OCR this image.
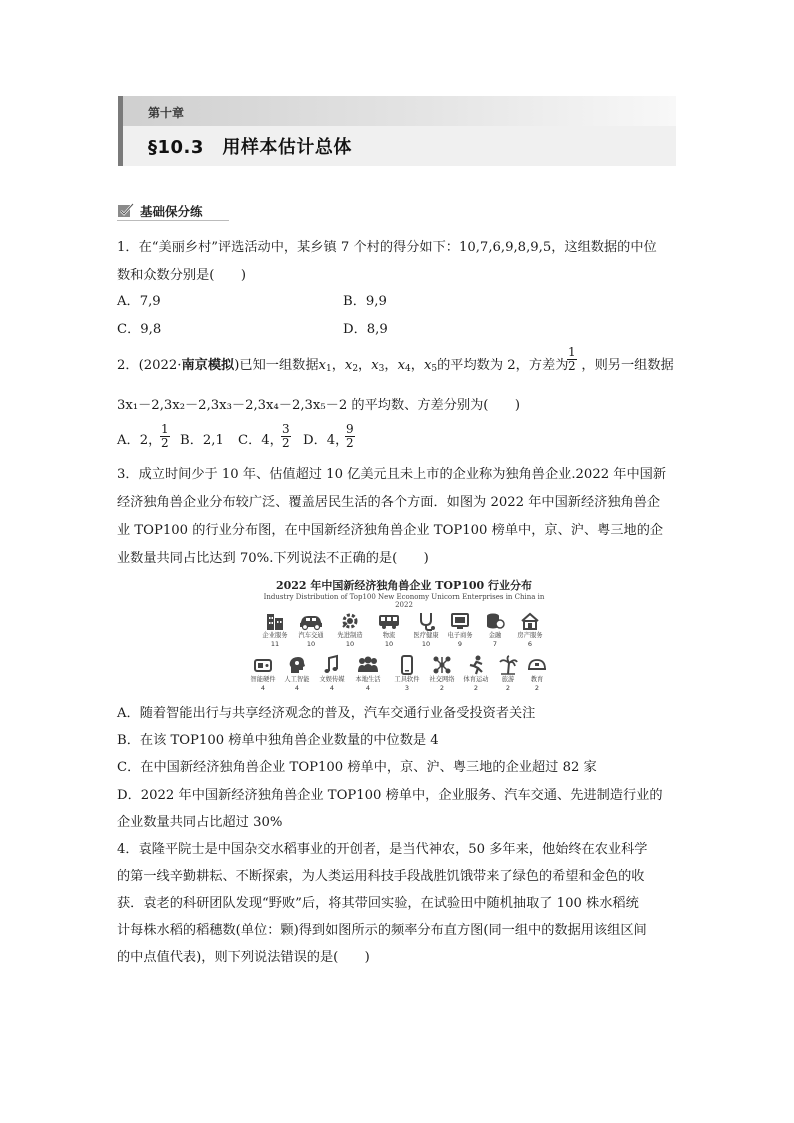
第十章
§10.3　用样本估计总体
基础保分练
1．在“美丽乡村”评选活动中，某乡镇 7 个村的得分如下：10,7,6,9,8,9,5，这组数据的中位
数和众数分别是(　　)
A．7,9	B．9,9
C．9,8	D．8,9
2．(2022·南京模拟)已知一组数据$x_1$，$x_2$，$x_3$，$x_4$，$x_5$的平均数为 2，方差为 ，则另一组数据
$\frac{1}{2}$
3x₁－2,3x₂－2,3x₃－2,3x₄－2,3x₅－2 的平均数、方差分别为(　　)
A．2，
$\frac{1}{2}$ B．2,1 C．4，
$\frac{3}{2}$ D．4，
$\frac{9}{2}$
3．成立时间少于 10 年、估值超过 10 亿美元且未上市的企业称为独角兽企业.2022 年中国新
经济独角兽企业分布较广泛、覆盖居民生活的各个方面．如图为 2022 年中国新经济独角兽企
业 TOP100 的行业分布图，在中国新经济独角兽企业 TOP100 榜单中，京、沪、粤三地的企
业数量共同占比达到 70%.下列说法不正确的是(　　)
2022 年中国新经济独角兽企业 TOP100 行业分布
Industry Distribution of Top100 New Economy Unicorn Enterprises in China in 2022
企业服务
11
汽车交通
10
先进制造
10
物流
10
医疗健康
10
电子商务
9
金融
7
房产服务
6
智能硬件
4
人工智能
4
文娱传媒
4
本地生活
4
工具软件
3
社交网络
2
体育运动
2
旅游
2
教育
2
A．随着智能出行与共享经济观念的普及，汽车交通行业备受投资者关注
B．在该 TOP100 榜单中独角兽企业数量的中位数是 4
C．在中国新经济独角兽企业 TOP100 榜单中，京、沪、粤三地的企业超过 82 家
D．2022 年中国新经济独角兽企业 TOP100 榜单中，企业服务、汽车交通、先进制造行业的
企业数量共同占比超过 30%
4．袁隆平院士是中国杂交水稻事业的开创者，是当代神农，50 多年来，他始终在农业科学
的第一线辛勤耕耘、不断探索，为人类运用科技手段战胜饥饿带来了绿色的希望和金色的收
获．袁老的科研团队发现“野败”后，将其带回实验，在试验田中随机抽取了 100 株水稻统
计每株水稻的稻穗数(单位：颗)得到如图所示的频率分布直方图(同一组中的数据用该组区间
的中点值代表)，则下列说法错误的是(　　)
